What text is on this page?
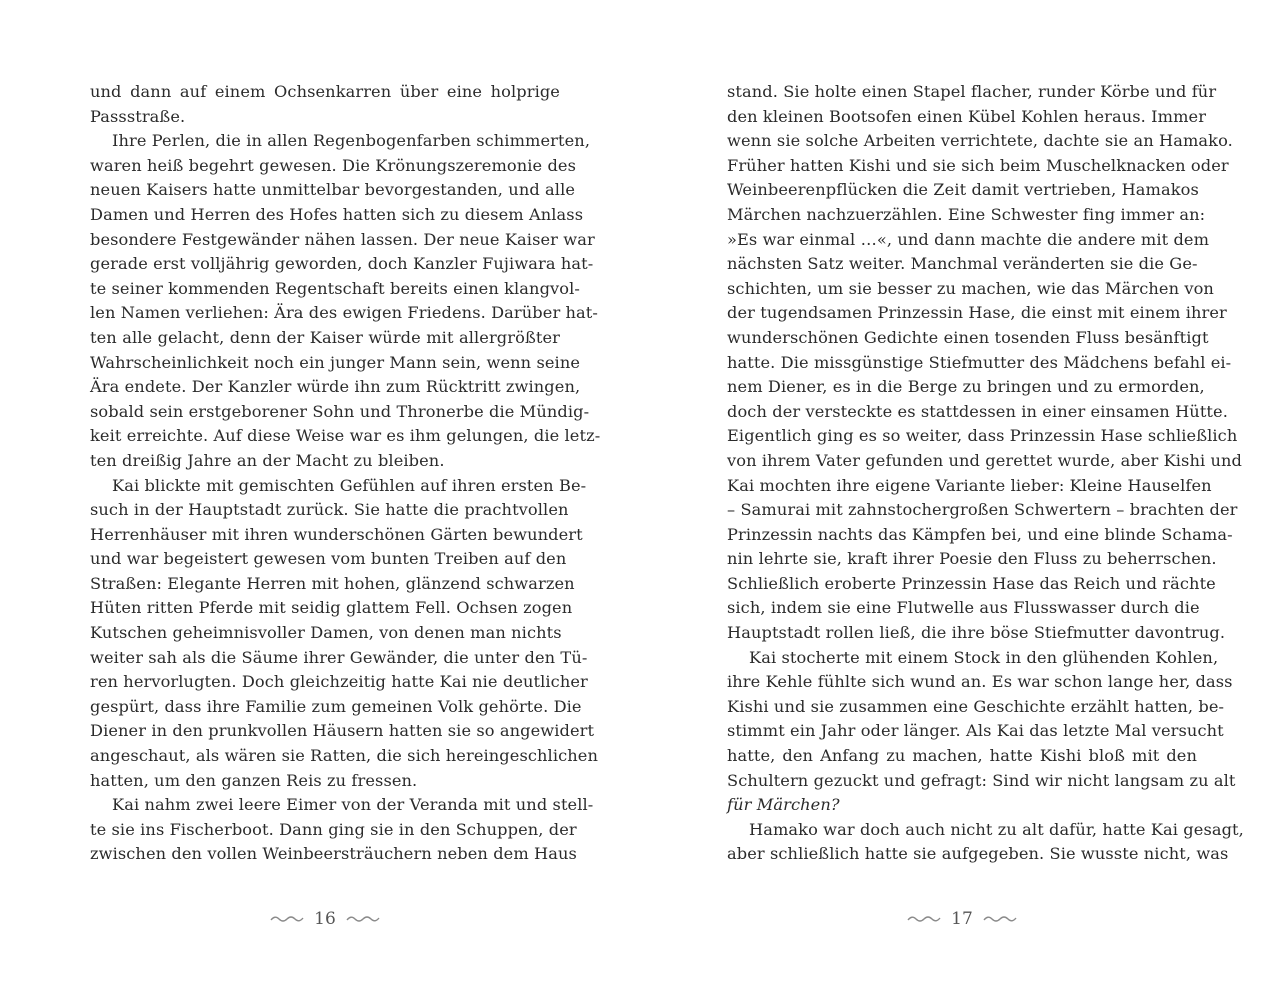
und dann auf einem Ochsenkarren über eine holprige
Passstraße.
Ihre Perlen, die in allen Regenbogenfarben schimmerten,
waren heiß begehrt gewesen. Die Krönungszeremonie des
neuen Kaisers hatte unmittelbar bevorgestanden, und alle
Damen und Herren des Hofes hatten sich zu diesem Anlass
besondere Festgewänder nähen lassen. Der neue Kaiser war
gerade erst volljährig geworden, doch Kanzler Fujiwara hat-
te seiner kommenden Regentschaft bereits einen klangvol-
len Namen verliehen: Ära des ewigen Friedens. Darüber hat-
ten alle gelacht, denn der Kaiser würde mit allergrößter
Wahrscheinlichkeit noch ein junger Mann sein, wenn seine
Ära endete. Der Kanzler würde ihn zum Rücktritt zwingen,
sobald sein erstgeborener Sohn und Thronerbe die Mündig-
keit erreichte. Auf diese Weise war es ihm gelungen, die letz-
ten dreißig Jahre an der Macht zu bleiben.
Kai blickte mit gemischten Gefühlen auf ihren ersten Be-
such in der Hauptstadt zurück. Sie hatte die prachtvollen
Herrenhäuser mit ihren wunderschönen Gärten bewundert
und war begeistert gewesen vom bunten Treiben auf den
Straßen: Elegante Herren mit hohen, glänzend schwarzen
Hüten ritten Pferde mit seidig glattem Fell. Ochsen zogen
Kutschen geheimnisvoller Damen, von denen man nichts
weiter sah als die Säume ihrer Gewänder, die unter den Tü-
ren hervorlugten. Doch gleichzeitig hatte Kai nie deutlicher
gespürt, dass ihre Familie zum gemeinen Volk gehörte. Die
Diener in den prunkvollen Häusern hatten sie so angewidert
angeschaut, als wären sie Ratten, die sich hereingeschlichen
hatten, um den ganzen Reis zu fressen.
Kai nahm zwei leere Eimer von der Veranda mit und stell-
te sie ins Fischerboot. Dann ging sie in den Schuppen, der
zwischen den vollen Weinbeersträuchern neben dem Haus
stand. Sie holte einen Stapel flacher, runder Körbe und für
den kleinen Bootsofen einen Kübel Kohlen heraus. Immer
wenn sie solche Arbeiten verrichtete, dachte sie an Hamako.
Früher hatten Kishi und sie sich beim Muschelknacken oder
Weinbeerenpflücken die Zeit damit vertrieben, Hamakos
Märchen nachzuerzählen. Eine Schwester fing immer an:
»Es war einmal …«, und dann machte die andere mit dem
nächsten Satz weiter. Manchmal veränderten sie die Ge-
schichten, um sie besser zu machen, wie das Märchen von
der tugendsamen Prinzessin Hase, die einst mit einem ihrer
wunderschönen Gedichte einen tosenden Fluss besänftigt
hatte. Die missgünstige Stiefmutter des Mädchens befahl ei-
nem Diener, es in die Berge zu bringen und zu ermorden,
doch der versteckte es stattdessen in einer einsamen Hütte.
Eigentlich ging es so weiter, dass Prinzessin Hase schließlich
von ihrem Vater gefunden und gerettet wurde, aber Kishi und
Kai mochten ihre eigene Variante lieber: Kleine Hauselfen
– Samurai mit zahnstochergroßen Schwertern – brachten der
Prinzessin nachts das Kämpfen bei, und eine blinde Schama-
nin lehrte sie, kraft ihrer Poesie den Fluss zu beherrschen.
Schließlich eroberte Prinzessin Hase das Reich und rächte
sich, indem sie eine Flutwelle aus Flusswasser durch die
Hauptstadt rollen ließ, die ihre böse Stiefmutter davontrug.
Kai stocherte mit einem Stock in den glühenden Kohlen,
ihre Kehle fühlte sich wund an. Es war schon lange her, dass
Kishi und sie zusammen eine Geschichte erzählt hatten, be-
stimmt ein Jahr oder länger. Als Kai das letzte Mal versucht
hatte, den Anfang zu machen, hatte Kishi bloß mit den
Schultern gezuckt und gefragt: Sind wir nicht langsam zu alt
für Märchen?
Hamako war doch auch nicht zu alt dafür, hatte Kai gesagt,
aber schließlich hatte sie aufgegeben. Sie wusste nicht, was
16	17
